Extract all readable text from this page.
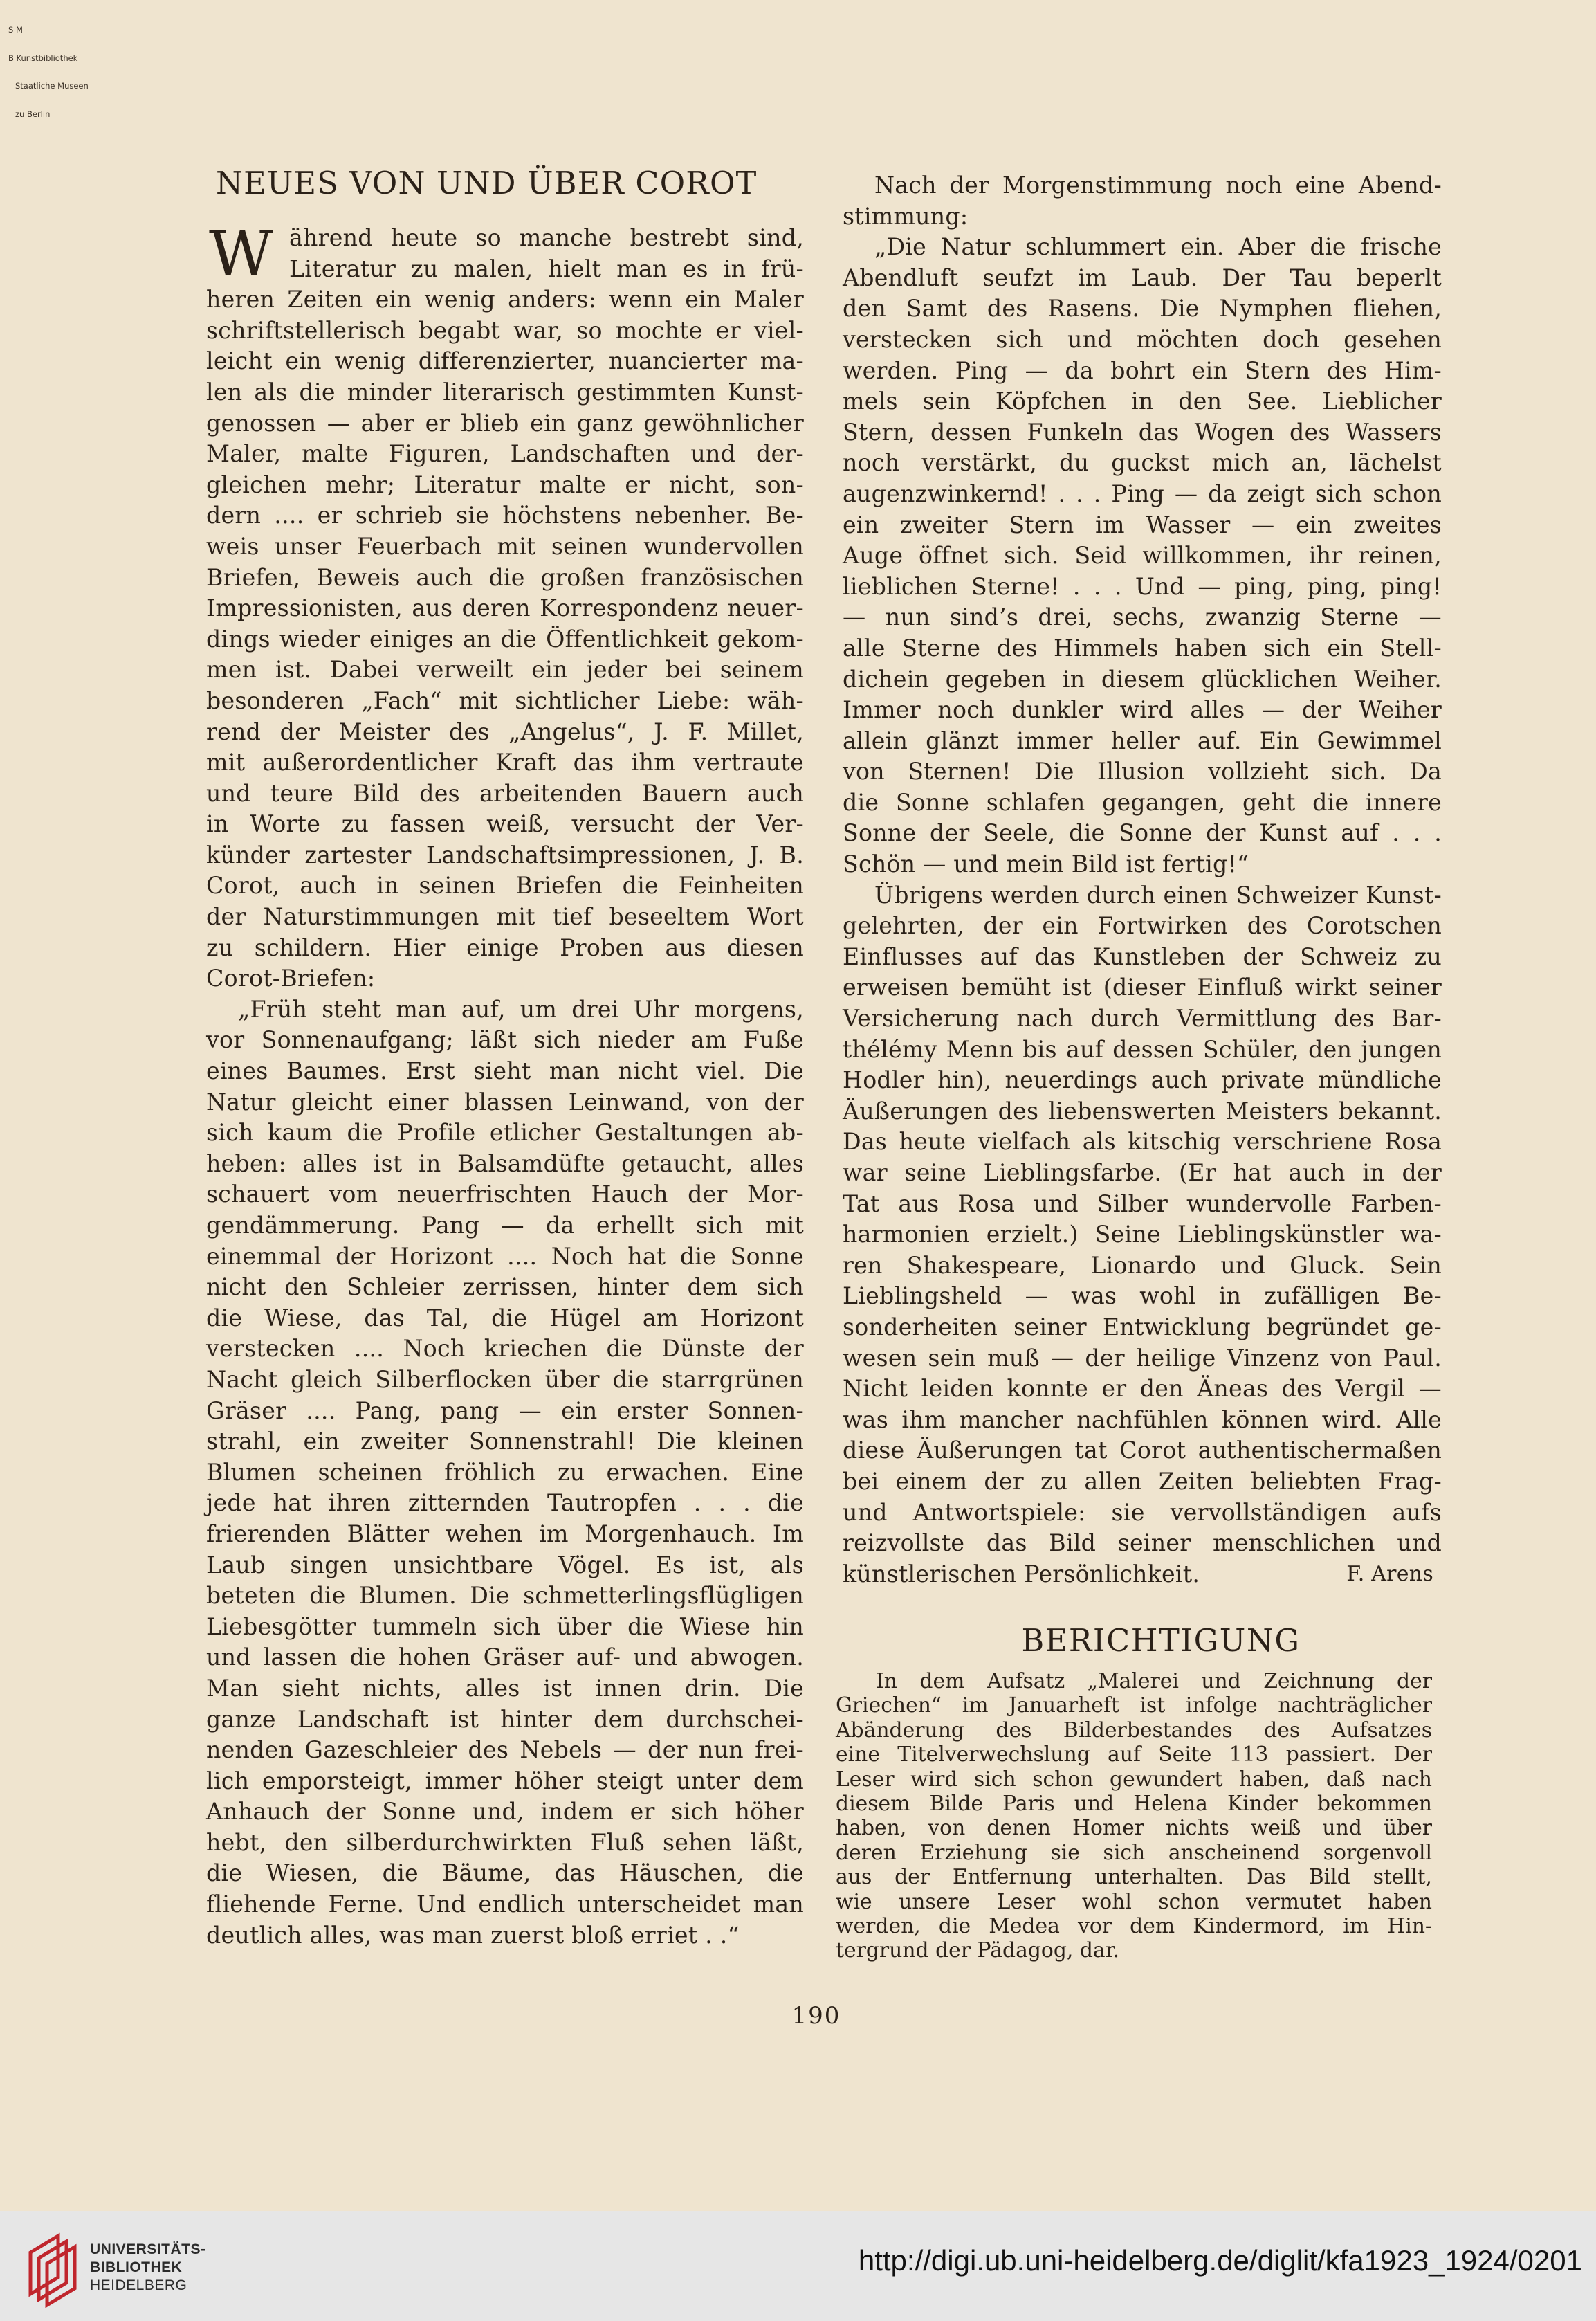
S M

B Kunstbibliothek

Staatliche Museen

zu Berlin

NEUES VON UND ÜBER COROT
W ährend heute so manche bestrebt sind,
Literatur zu malen, hielt man es in frü-
heren Zeiten ein wenig anders: wenn ein Maler
schriftstellerisch begabt war, so mochte er viel-
leicht ein wenig differenzierter, nuancierter ma-
len als die minder literarisch gestimmten Kunst-
genossen — aber er blieb ein ganz gewöhnlicher
Maler, malte Figuren, Landschaften und der-
gleichen mehr; Literatur malte er nicht, son-
dern .... er schrieb sie höchstens nebenher. Be-
weis unser Feuerbach mit seinen wundervollen
Briefen, Beweis auch die großen französischen
Impressionisten, aus deren Korrespondenz neuer-
dings wieder einiges an die Öffentlichkeit gekom-
men ist. Dabei verweilt ein jeder bei seinem
besonderen „Fach“ mit sichtlicher Liebe: wäh-
rend der Meister des „Angelus“, J. F. Millet,
mit außerordentlicher Kraft das ihm vertraute
und teure Bild des arbeitenden Bauern auch
in Worte zu fassen weiß, versucht der Ver-
künder zartester Landschaftsimpressionen, J. B.
Corot, auch in seinen Briefen die Feinheiten
der Naturstimmungen mit tief beseeltem Wort
zu schildern. Hier einige Proben aus diesen
Corot-Briefen:
„Früh steht man auf, um drei Uhr morgens,
vor Sonnenaufgang; läßt sich nieder am Fuße
eines Baumes. Erst sieht man nicht viel. Die
Natur gleicht einer blassen Leinwand, von der
sich kaum die Profile etlicher Gestaltungen ab-
heben: alles ist in Balsamdüfte getaucht, alles
schauert vom neuerfrischten Hauch der Mor-
gendämmerung. Pang — da erhellt sich mit
einemmal der Horizont .... Noch hat die Sonne
nicht den Schleier zerrissen, hinter dem sich
die Wiese, das Tal, die Hügel am Horizont
verstecken .... Noch kriechen die Dünste der
Nacht gleich Silberflocken über die starrgrünen
Gräser .... Pang, pang — ein erster Sonnen-
strahl, ein zweiter Sonnenstrahl! Die kleinen
Blumen scheinen fröhlich zu erwachen. Eine
jede hat ihren zitternden Tautropfen . . . die
frierenden Blätter wehen im Morgenhauch. Im
Laub singen unsichtbare Vögel. Es ist, als
beteten die Blumen. Die schmetterlingsflügligen
Liebesgötter tummeln sich über die Wiese hin
und lassen die hohen Gräser auf- und abwogen.
Man sieht nichts, alles ist innen drin. Die
ganze Landschaft ist hinter dem durchschei-
nenden Gazeschleier des Nebels — der nun frei-
lich emporsteigt, immer höher steigt unter dem
Anhauch der Sonne und, indem er sich höher
hebt, den silberdurchwirkten Fluß sehen läßt,
die Wiesen, die Bäume, das Häuschen, die
fliehende Ferne. Und endlich unterscheidet man
deutlich alles, was man zuerst bloß erriet . .“
Nach der Morgenstimmung noch eine Abend-
stimmung:
„Die Natur schlummert ein. Aber die frische
Abendluft seufzt im Laub. Der Tau beperlt
den Samt des Rasens. Die Nymphen fliehen,
verstecken sich und möchten doch gesehen
werden. Ping — da bohrt ein Stern des Him-
mels sein Köpfchen in den See. Lieblicher
Stern, dessen Funkeln das Wogen des Wassers
noch verstärkt, du guckst mich an, lächelst
augenzwinkernd! . . . Ping — da zeigt sich schon
ein zweiter Stern im Wasser — ein zweites
Auge öffnet sich. Seid willkommen, ihr reinen,
lieblichen Sterne! . . . Und — ping, ping, ping!
— nun sind’s drei, sechs, zwanzig Sterne —
alle Sterne des Himmels haben sich ein Stell-
dichein gegeben in diesem glücklichen Weiher.
Immer noch dunkler wird alles — der Weiher
allein glänzt immer heller auf. Ein Gewimmel
von Sternen! Die Illusion vollzieht sich. Da
die Sonne schlafen gegangen, geht die innere
Sonne der Seele, die Sonne der Kunst auf . . .
Schön — und mein Bild ist fertig!“
Übrigens werden durch einen Schweizer Kunst-
gelehrten, der ein Fortwirken des Corotschen
Einflusses auf das Kunstleben der Schweiz zu
erweisen bemüht ist (dieser Einfluß wirkt seiner
Versicherung nach durch Vermittlung des Bar-
thélémy Menn bis auf dessen Schüler, den jungen
Hodler hin), neuerdings auch private mündliche
Äußerungen des liebenswerten Meisters bekannt.
Das heute vielfach als kitschig verschriene Rosa
war seine Lieblingsfarbe. (Er hat auch in der
Tat aus Rosa und Silber wundervolle Farben-
harmonien erzielt.) Seine Lieblingskünstler wa-
ren Shakespeare, Lionardo und Gluck. Sein
Lieblingsheld — was wohl in zufälligen Be-
sonderheiten seiner Entwicklung begründet ge-
wesen sein muß — der heilige Vinzenz von Paul.
Nicht leiden konnte er den Äneas des Vergil —
was ihm mancher nachfühlen können wird. Alle
diese Äußerungen tat Corot authentischermaßen
bei einem der zu allen Zeiten beliebten Frag-
und Antwortspiele: sie vervollständigen aufs
reizvollste das Bild seiner menschlichen und
künstlerischen Persönlichkeit.	F. Arens
BERICHTIGUNG
In dem Aufsatz „Malerei und Zeichnung der
Griechen“ im Januarheft ist infolge nachträglicher
Abänderung des Bilderbestandes des Aufsatzes
eine Titelverwechslung auf Seite 113 passiert. Der
Leser wird sich schon gewundert haben, daß nach
diesem Bilde Paris und Helena Kinder bekommen
haben, von denen Homer nichts weiß und über
deren Erziehung sie sich anscheinend sorgenvoll
aus der Entfernung unterhalten. Das Bild stellt,
wie unsere Leser wohl schon vermutet haben
werden, die Medea vor dem Kindermord, im Hin-
tergrund der Pädagog, dar.
190
UNIVERSITÄTS-
BIBLIOTHEK
HEIDELBERG
http://digi.ub.uni-heidelberg.de/diglit/kfa1923_1924/0201
